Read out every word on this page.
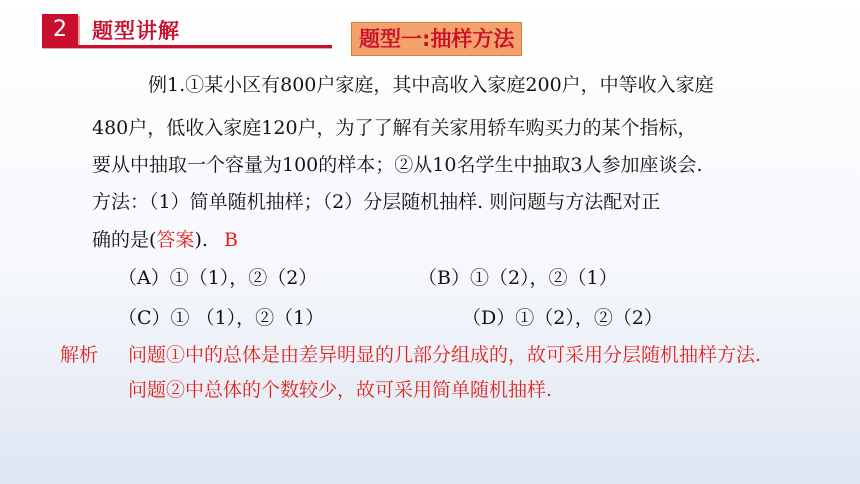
2	题型讲解	题型一:抽样方法
例1.①某小区有800户家庭，其中高收入家庭200户，中等收入家庭
480户，低收入家庭120户，为了了解有关家用轿车购买力的某个指标，
要从中抽取一个容量为100的样本；②从10名学生中抽取3人参加座谈会.
方法：（1）简单随机抽样；（2）分层随机抽样. 则问题与方法配对正
确的是(答案). B
（A）①（1），②（2）	（B）①（2），②（1）
（C）① （1），②（1）	（D）①（2），②（2）
解析 问题①中的总体是由差异明显的几部分组成的，故可采用分层随机抽样方法.
问题②中总体的个数较少，故可采用简单随机抽样.
